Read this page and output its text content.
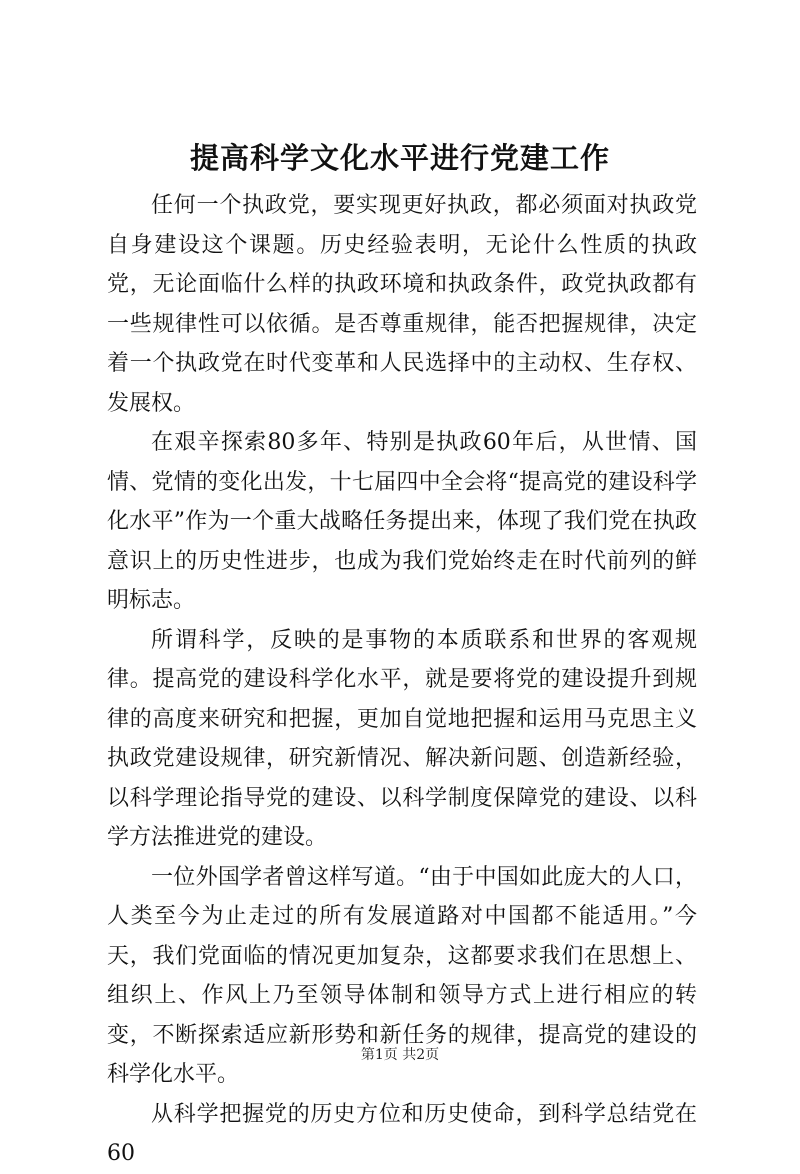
提高科学文化水平进行党建工作

任何一个执政党，要实现更好执政，都必须面对执政党自身建设这个课题。历史经验表明，无论什么性质的执政党，无论面临什么样的执政环境和执政条件，政党执政都有一些规律性可以依循。是否尊重规律，能否把握规律，决定着一个执政党在时代变革和人民选择中的主动权、生存权、发展权。

在艰辛探索80多年、特别是执政60年后，从世情、国情、党情的变化出发，十七届四中全会将“提高党的建设科学化水平”作为一个重大战略任务提出来，体现了我们党在执政意识上的历史性进步，也成为我们党始终走在时代前列的鲜明标志。

所谓科学，反映的是事物的本质联系和世界的客观规律。提高党的建设科学化水平，就是要将党的建设提升到规律的高度来研究和把握，更加自觉地把握和运用马克思主义执政党建设规律，研究新情况、解决新问题、创造新经验，以科学理论指导党的建设、以科学制度保障党的建设、以科学方法推进党的建设。

一位外国学者曾这样写道。“由于中国如此庞大的人口，人类至今为止走过的所有发展道路对中国都不能适用。”今天，我们党面临的情况更加复杂，这都要求我们在思想上、组织上、作风上乃至领导体制和领导方式上进行相应的转变，不断探索适应新形势和新任务的规律，提高党的建设的科学化水平。

从科学把握党的历史方位和历史使命，到科学总结党在60

第1页 共2页
